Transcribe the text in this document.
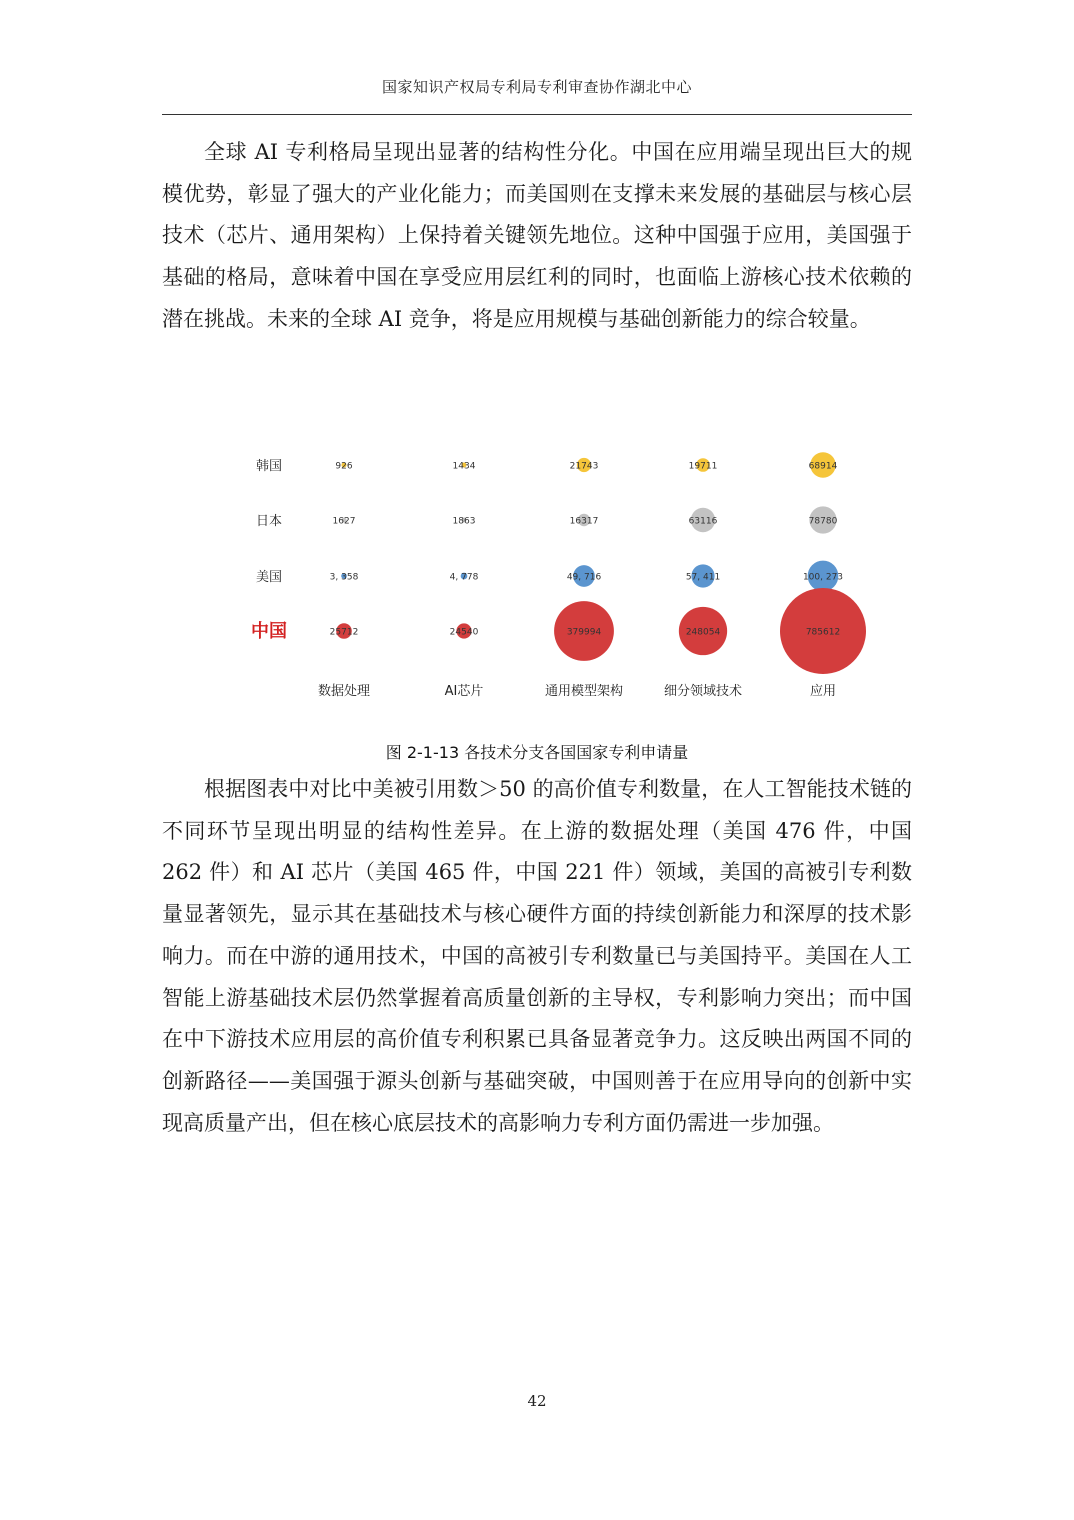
国家知识产权局专利局专利审查协作湖北中心

全球 AI 专利格局呈现出显著的结构性分化。中国在应用端呈现出巨大的规模优势，彰显了强大的产业化能力；而美国则在支撑未来发展的基础层与核心层技术（芯片、通用架构）上保持着关键领先地位。这种中国强于应用，美国强于基础的格局，意味着中国在享受应用层红利的同时，也面临上游核心技术依赖的潜在挑战。未来的全球 AI 竞争，将是应用规模与基础创新能力的综合较量。

韩国	926	1434	21743	19711	68914
日本	1627	1863	16317	63116	78780
美国	3, 358	4, 778	49, 716	57, 411	100, 273
中国	25712	24540	379994	248054	785612
数据处理	AI芯片	通用模型架构	细分领域技术	应用
图 2-1-13 各技术分支各国国家专利申请量

根据图表中对比中美被引用数＞50 的高价值专利数量，在人工智能技术链的不同环节呈现出明显的结构性差异。在上游的数据处理（美国 476 件，中国 262 件）和 AI 芯片（美国 465 件，中国 221 件）领域，美国的高被引专利数量显著领先，显示其在基础技术与核心硬件方面的持续创新能力和深厚的技术影响力。而在中游的通用技术，中国的高被引专利数量已与美国持平。美国在人工智能上游基础技术层仍然掌握着高质量创新的主导权，专利影响力突出；而中国在中下游技术应用层的高价值专利积累已具备显著竞争力。这反映出两国不同的创新路径——美国强于源头创新与基础突破，中国则善于在应用导向的创新中实现高质量产出，但在核心底层技术的高影响力专利方面仍需进一步加强。

42
